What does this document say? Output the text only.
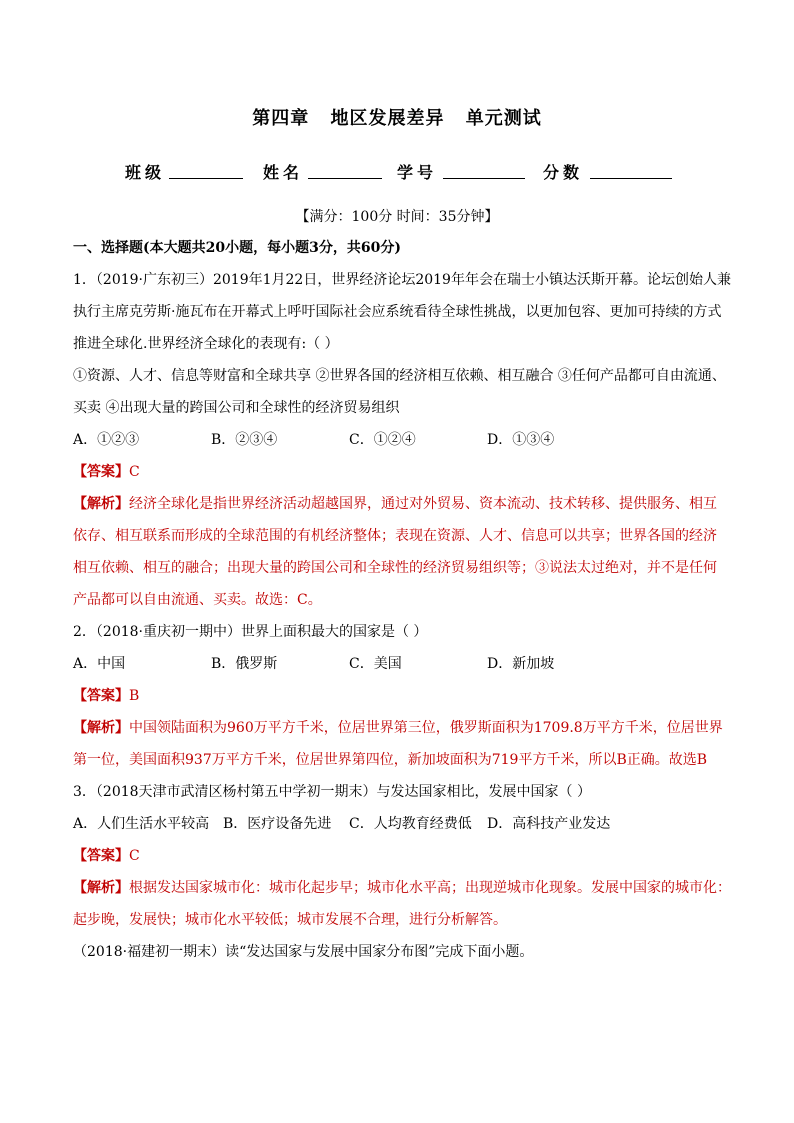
第四章 地区发展差异 单元测试
班级	姓名	学号	分数
【满分：100分 时间：35分钟】
一、选择题(本大题共20小题，每小题3分，共60分)
1．（2019·广东初三）2019年1月22日，世界经济论坛2019年年会在瑞士小镇达沃斯开幕。论坛创始人兼
执行主席克劳斯·施瓦布在开幕式上呼吁国际社会应系统看待全球性挑战，以更加包容、更加可持续的方式
推进全球化.世界经济全球化的表现有:（ ）
①资源、人才、信息等财富和全球共享 ②世界各国的经济相互依赖、相互融合 ③任何产品都可自由流通、
买卖 ④出现大量的跨国公司和全球性的经济贸易组织
A．①②③	B．②③④	C．①②④	D．①③④
【答案】C
【解析】经济全球化是指世界经济活动超越国界，通过对外贸易、资本流动、技术转移、提供服务、相互
依存、相互联系而形成的全球范围的有机经济整体；表现在资源、人才、信息可以共享；世界各国的经济
相互依赖、相互的融合；出现大量的跨国公司和全球性的经济贸易组织等；③说法太过绝对，并不是任何
产品都可以自由流通、买卖。故选：C。
2．（2018·重庆初一期中）世界上面积最大的国家是（ ）
A．中国	B．俄罗斯	C．美国	D．新加坡
【答案】B
【解析】中国领陆面积为960万平方千米，位居世界第三位，俄罗斯面积为1709.8万平方千米，位居世界
第一位，美国面积937万平方千米，位居世界第四位，新加坡面积为719平方千米，所以B正确。故选B
3．（2018天津市武清区杨村第五中学初一期末）与发达国家相比，发展中国家（ ）
A．人们生活水平较高 B．医疗设备先进 C．人均教育经费低 D．高科技产业发达
【答案】C
【解析】根据发达国家城市化：城市化起步早；城市化水平高；出现逆城市化现象。发展中国家的城市化：
起步晚，发展快；城市化水平较低；城市发展不合理，进行分析解答。
（2018·福建初一期末）读“发达国家与发展中国家分布图”完成下面小题。
